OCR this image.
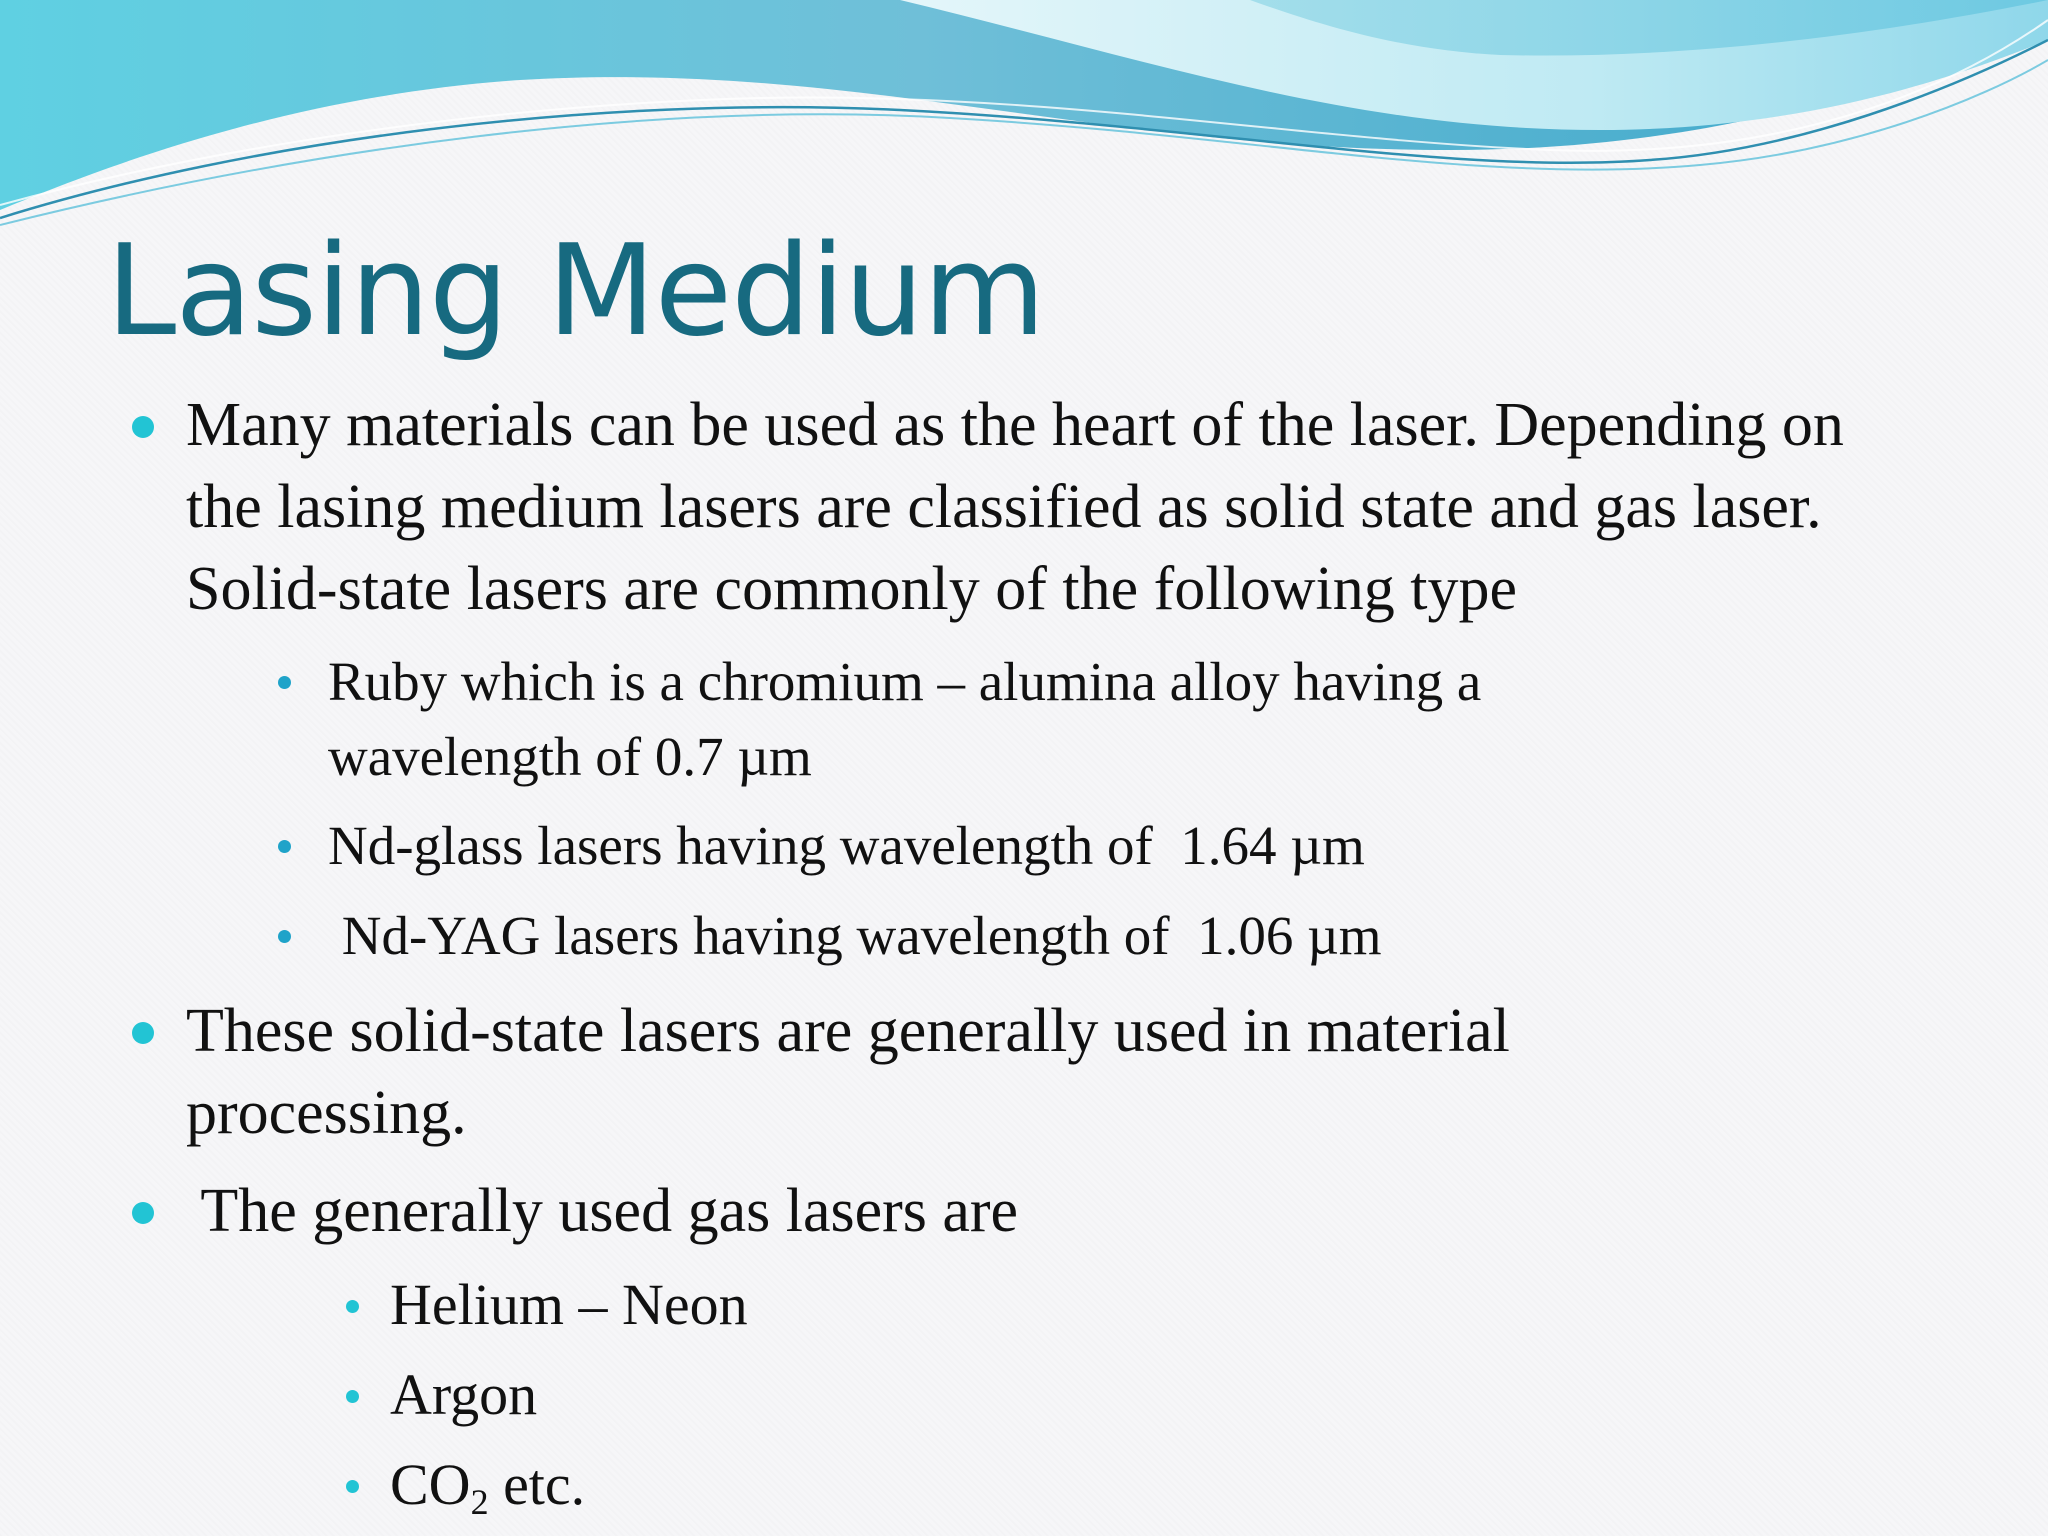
Lasing Medium
Many materials can be used as the heart of the laser. Depending on the lasing medium lasers are classified as solid state and gas laser. Solid-state lasers are commonly of the following type
Ruby which is a chromium – alumina alloy having a wavelength of 0.7 µm
Nd-glass lasers having wavelength of  1.64 µm
Nd-YAG lasers having wavelength of  1.06 µm
These solid-state lasers are generally used in material processing.
The generally used gas lasers are
Helium – Neon
Argon
$CO_2$ etc.
